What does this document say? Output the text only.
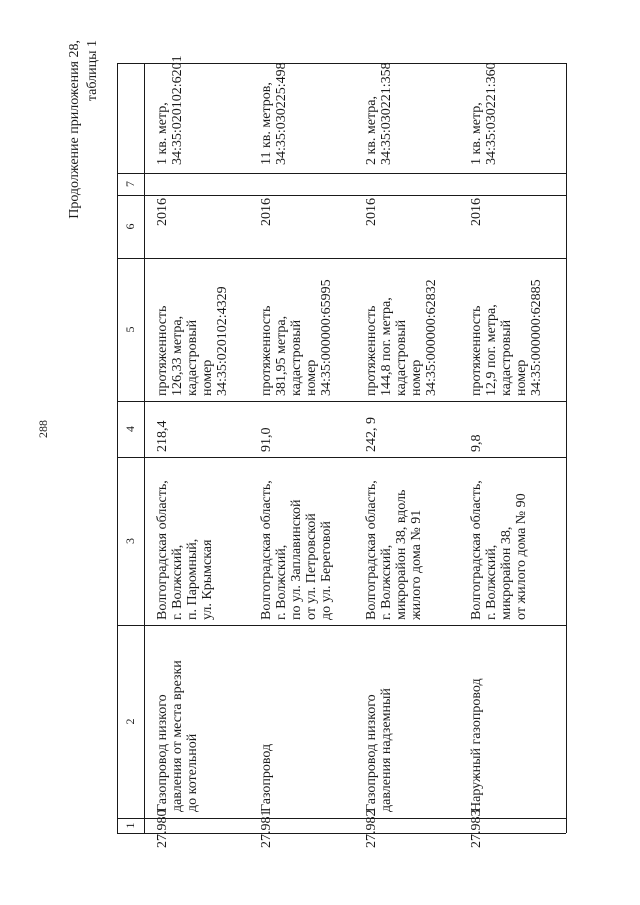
288
Продолжение приложения 28,
таблицы 1
1
2
3
4
5
6
7
27.980
Газопровод низкого
давления от места врезки
до котельной
Волгоградская область,
г. Волжский,
п. Паромный,
ул. Крымская
218,4
протяженность
126,33 метра,
кадастровый
номер
34:35:020102:4329
2016
1 кв. метр,
34:35:020102:6201
27.981
Газопровод
Волгоградская область,
г. Волжский,
по ул. Заплавинской
от ул. Петровской
до ул. Береговой
91,0
протяженность
381,95 метра,
кадастровый
номер
34:35:000000:65995
2016
11 кв. метров,
34:35:030225:498
27.982
Газопровод низкого
давления надземный
Волгоградская область,
г. Волжский,
микрорайон 38, вдоль
жилого дома № 91
242, 9
протяженность
144,8 пог. метра,
кадастровый
номер
34:35:000000:62832
2016
2 кв. метра,
34:35:030221:358
27.983
Наружный газопровод
Волгоградская область,
г. Волжский,
микрорайон 38,
от жилого дома № 90
9,8
протяженность
12,9 пог. метра,
кадастровый
номер
34:35:000000:62885
2016
1 кв. метр,
34:35:030221:360
